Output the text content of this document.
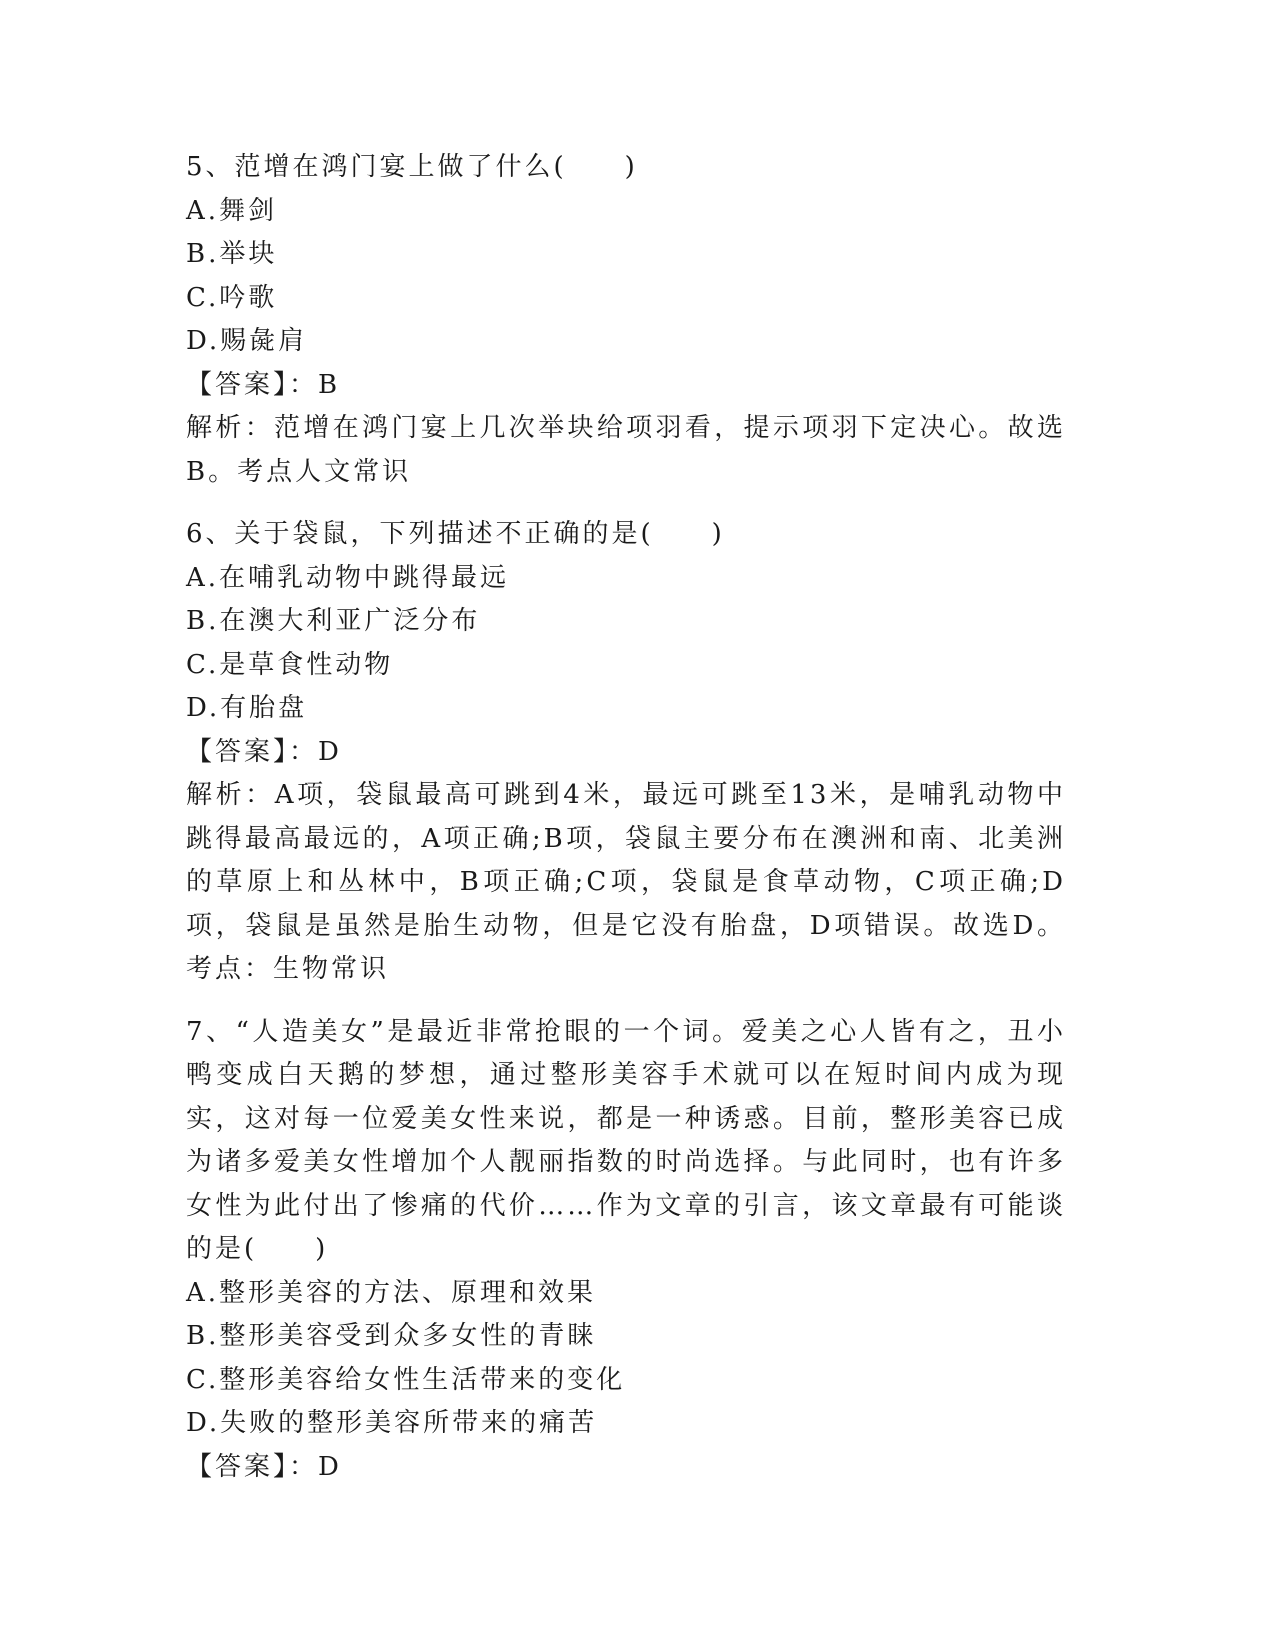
5、范增在鸿门宴上做了什么(　　)

A.舞剑

B.举块

C.吟歌

D.赐彘肩

【答案】：B

解析：范增在鸿门宴上几次举块给项羽看，提示项羽下定决心。故选B。考点人文常识

6、关于袋鼠，下列描述不正确的是(　　)

A.在哺乳动物中跳得最远

B.在澳大利亚广泛分布

C.是草食性动物

D.有胎盘

【答案】：D

解析：A项，袋鼠最高可跳到4米，最远可跳至13米，是哺乳动物中跳得最高最远的，A项正确;B项，袋鼠主要分布在澳洲和南、北美洲的草原上和丛林中，B项正确;C项，袋鼠是食草动物，C项正确;D项，袋鼠是虽然是胎生动物，但是它没有胎盘，D项错误。故选D。考点：生物常识

7、“人造美女”是最近非常抢眼的一个词。爱美之心人皆有之，丑小鸭变成白天鹅的梦想，通过整形美容手术就可以在短时间内成为现实，这对每一位爱美女性来说，都是一种诱惑。目前，整形美容已成为诸多爱美女性增加个人靓丽指数的时尚选择。与此同时，也有许多女性为此付出了惨痛的代价……作为文章的引言，该文章最有可能谈的是(　　)

A.整形美容的方法、原理和效果

B.整形美容受到众多女性的青睐

C.整形美容给女性生活带来的变化

D.失败的整形美容所带来的痛苦

【答案】：D
